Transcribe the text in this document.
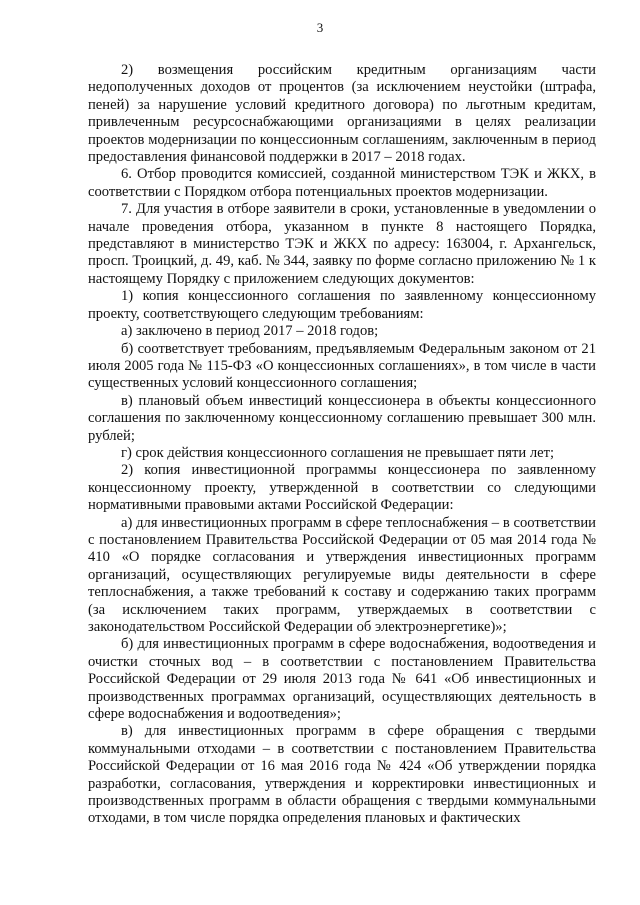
3

2) возмещения российским кредитным организациям части недополученных доходов от процентов (за исключением неустойки (штрафа, пеней) за нарушение условий кредитного договора) по льготным кредитам, привлеченным ресурсоснабжающими организациями в целях реализации проектов модернизации по концессионным соглашениям, заключенным в период предоставления финансовой поддержки в 2017 – 2018 годах.

6. Отбор проводится комиссией, созданной министерством ТЭК и ЖКХ, в соответствии с Порядком отбора потенциальных проектов модернизации.

7. Для участия в отборе заявители в сроки, установленные в уведомлении о начале проведения отбора, указанном в пункте 8 настоящего Порядка, представляют в министерство ТЭК и ЖКХ по адресу: 163004, г. Архангельск, просп. Троицкий, д. 49, каб. № 344, заявку по форме согласно приложению № 1 к настоящему Порядку с приложением следующих документов:

1) копия концессионного соглашения по заявленному концессионному проекту, соответствующего следующим требованиям:

а) заключено в период 2017 – 2018 годов;

б) соответствует требованиям, предъявляемым Федеральным законом от 21 июля 2005 года № 115-ФЗ «О концессионных соглашениях», в том числе в части существенных условий концессионного соглашения;

в) плановый объем инвестиций концессионера в объекты концессионного соглашения по заключенному концессионному соглашению превышает 300 млн. рублей;

г) срок действия концессионного соглашения не превышает пяти лет;

2) копия инвестиционной программы концессионера по заявленному концессионному проекту, утвержденной в соответствии со следующими нормативными правовыми актами Российской Федерации:

а) для инвестиционных программ в сфере теплоснабжения – в соответствии с постановлением Правительства Российской Федерации от 05 мая 2014 года № 410 «О порядке согласования и утверждения инвестиционных программ организаций, осуществляющих регулируемые виды деятельности в сфере теплоснабжения, а также требований к составу и содержанию таких программ (за исключением таких программ, утверждаемых в соответствии с законодательством Российской Федерации об электроэнергетике)»;

б) для инвестиционных программ в сфере водоснабжения, водоотведения и очистки сточных вод – в соответствии с постановлением Правительства Российской Федерации от 29 июля 2013 года № 641 «Об инвестиционных и производственных программах организаций, осуществляющих деятельность в сфере водоснабжения и водоотведения»;

в) для инвестиционных программ в сфере обращения с твердыми коммунальными отходами – в соответствии с постановлением Правительства Российской Федерации от 16 мая 2016 года № 424 «Об утверждении порядка разработки, согласования, утверждения и корректировки инвестиционных и производственных программ в области обращения с твердыми коммунальными отходами, в том числе порядка определения плановых и фактических
